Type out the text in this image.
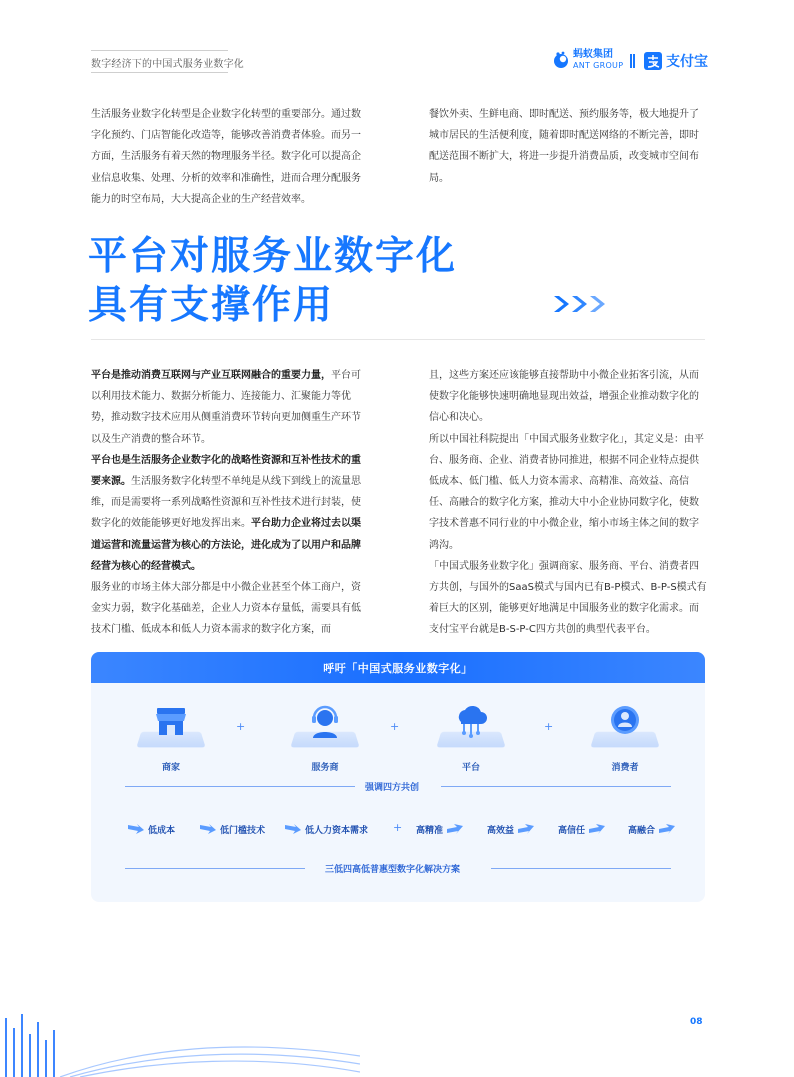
数字经济下的中国式服务业数字化
蚂蚁集团
ANT GROUP	支付宝

生活服务业数字化转型是企业数字化转型的重要部分。通过数字化预约、门店智能化改造等，能够改善消费者体验。而另一方面，生活服务有着天然的物理服务半径。数字化可以提高企业信息收集、处理、分析的效率和准确性，进而合理分配服务能力的时空布局，大大提高企业的生产经营效率。

餐饮外卖、生鲜电商、即时配送、预约服务等，极大地提升了城市居民的生活便利度，随着即时配送网络的不断完善，即时配送范围不断扩大，将进一步提升消费品质，改变城市空间布局。

平台对服务业数字化
具有支撑作用

平台是推动消费互联网与产业互联网融合的重要力量，平台可以利用技术能力、数据分析能力、连接能力、汇聚能力等优势，推动数字技术应用从侧重消费环节转向更加侧重生产环节以及生产消费的整合环节。

平台也是生活服务企业数字化的战略性资源和互补性技术的重要来源。生活服务数字化转型不单纯是从线下到线上的流量思维，而是需要将一系列战略性资源和互补性技术进行封装，使数字化的效能能够更好地发挥出来。平台助力企业将过去以渠道运营和流量运营为核心的方法论，进化成为了以用户和品牌经营为核心的经营模式。

服务业的市场主体大部分都是中小微企业甚至个体工商户，资金实力弱，数字化基础差，企业人力资本存量低，需要具有低技术门槛、低成本和低人力资本需求的数字化方案，而

且，这些方案还应该能够直接帮助中小微企业拓客引流，从而使数字化能够快速明确地显现出效益，增强企业推动数字化的信心和决心。

所以中国社科院提出「中国式服务业数字化」，其定义是：由平台、服务商、企业、消费者协同推进，根据不同企业特点提供低成本、低门槛、低人力资本需求、高精准、高效益、高信任、高融合的数字化方案，推动大中小企业协同数字化，使数字技术普惠不同行业的中小微企业，缩小市场主体之间的数字鸿沟。

「中国式服务业数字化」强调商家、服务商、平台、消费者四方共创，与国外的SaaS模式与国内已有B-P模式、B-P-S模式有着巨大的区别，能够更好地满足中国服务业的数字化需求。而支付宝平台就是B-S-P-C四方共创的典型代表平台。

呼吁「中国式服务业数字化」
商家
+
服务商
+
平台
+
消费者
强调四方共创
低成本	低门槛技术	低人力资本需求 + 高精准	高效益	高信任	高融合
三低四高低普惠型数字化解决方案
08
